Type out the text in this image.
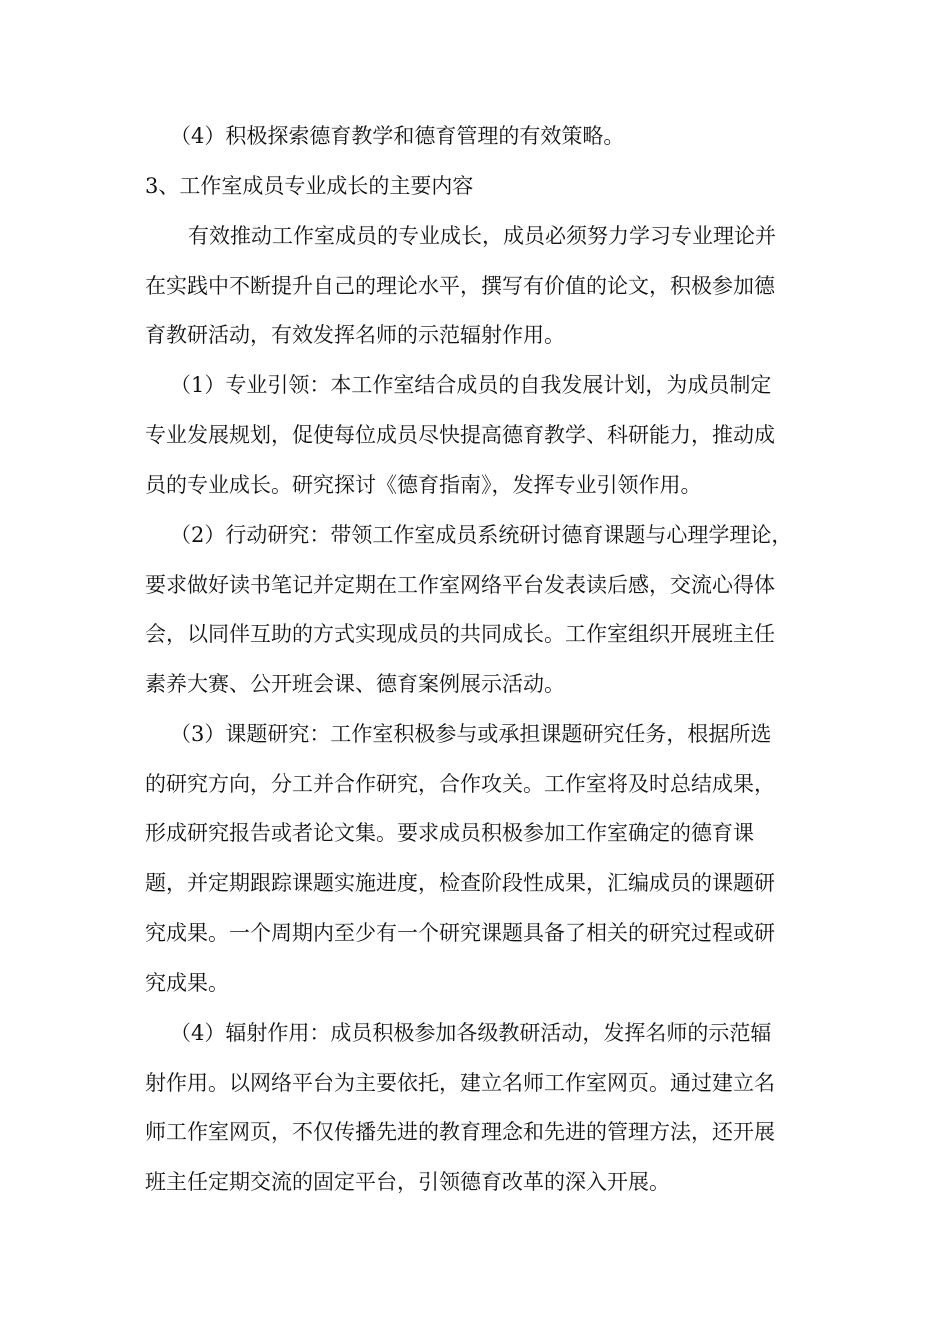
（4）积极探索德育教学和德育管理的有效策略。
3、工作室成员专业成长的主要内容
有效推动工作室成员的专业成长，成员必须努力学习专业理论并
在实践中不断提升自己的理论水平，撰写有价值的论文，积极参加德
育教研活动，有效发挥名师的示范辐射作用。
（1）专业引领：本工作室结合成员的自我发展计划，为成员制定
专业发展规划，促使每位成员尽快提高德育教学、科研能力，推动成
员的专业成长。研究探讨《德育指南》，发挥专业引领作用。
（2）行动研究：带领工作室成员系统研讨德育课题与心理学理论，
要求做好读书笔记并定期在工作室网络平台发表读后感，交流心得体
会，以同伴互助的方式实现成员的共同成长。工作室组织开展班主任
素养大赛、公开班会课、德育案例展示活动。
（3）课题研究：工作室积极参与或承担课题研究任务，根据所选
的研究方向，分工并合作研究，合作攻关。工作室将及时总结成果，
形成研究报告或者论文集。要求成员积极参加工作室确定的德育课
题，并定期跟踪课题实施进度，检查阶段性成果，汇编成员的课题研
究成果。一个周期内至少有一个研究课题具备了相关的研究过程或研
究成果。
（4）辐射作用：成员积极参加各级教研活动，发挥名师的示范辐
射作用。以网络平台为主要依托，建立名师工作室网页。通过建立名
师工作室网页，不仅传播先进的教育理念和先进的管理方法，还开展
班主任定期交流的固定平台，引领德育改革的深入开展。
